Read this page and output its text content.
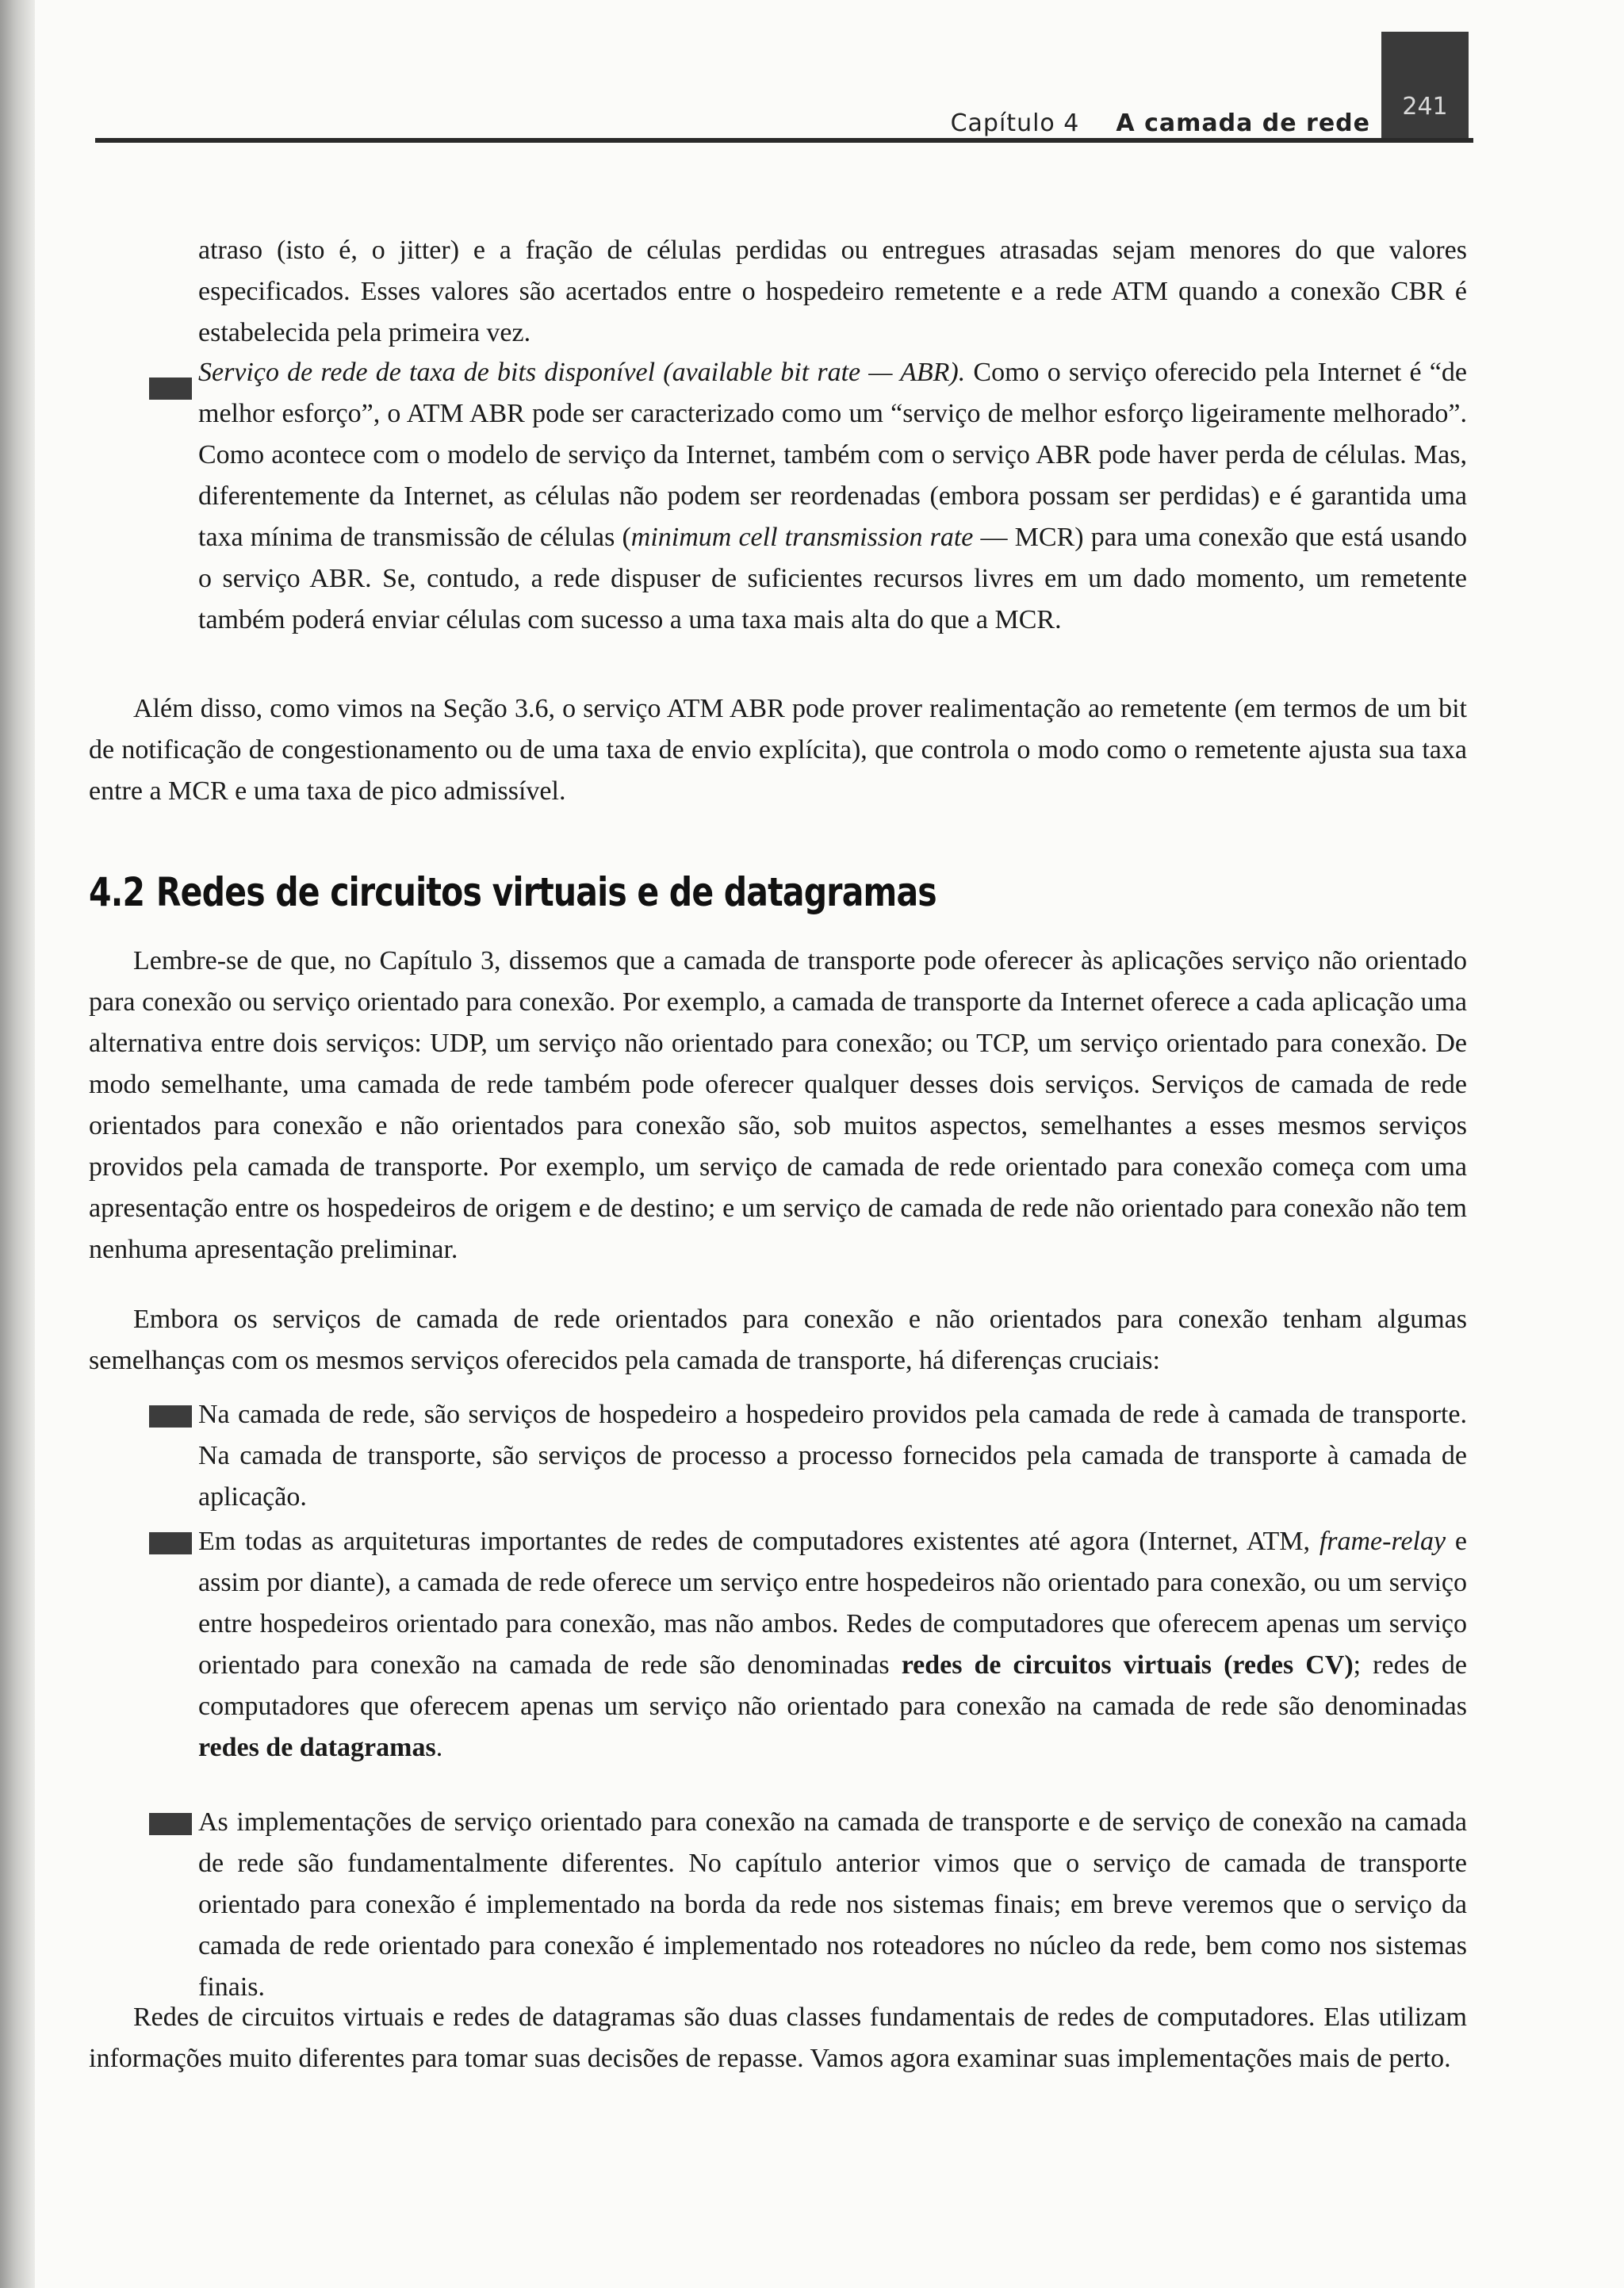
241
Capítulo 4 A camada de rede

atraso (isto é, o jitter) e a fração de células perdidas ou entregues atrasadas sejam menores do que valores especificados. Esses valores são acertados entre o hospedeiro remetente e a rede ATM quando a conexão CBR é estabelecida pela primeira vez.

Serviço de rede de taxa de bits disponível (available bit rate — ABR). Como o serviço oferecido pela Internet é “de melhor esforço”, o ATM ABR pode ser caracterizado como um “serviço de melhor esforço ligeiramente melhorado”. Como acontece com o modelo de serviço da Internet, também com o serviço ABR pode haver perda de células. Mas, diferentemente da Internet, as células não podem ser reordenadas (embora possam ser perdidas) e é garantida uma taxa mínima de transmissão de células (minimum cell transmission rate — MCR) para uma conexão que está usando o serviço ABR. Se, contudo, a rede dispuser de suficientes recursos livres em um dado momento, um remetente também poderá enviar células com sucesso a uma taxa mais alta do que a MCR.

Além disso, como vimos na Seção 3.6, o serviço ATM ABR pode prover realimentação ao remetente (em termos de um bit de notificação de congestionamento ou de uma taxa de envio explícita), que controla o modo como o remetente ajusta sua taxa entre a MCR e uma taxa de pico admissível.

4.2 Redes de circuitos virtuais e de datagramas

Lembre-se de que, no Capítulo 3, dissemos que a camada de transporte pode oferecer às aplicações serviço não orientado para conexão ou serviço orientado para conexão. Por exemplo, a camada de transporte da Internet oferece a cada aplicação uma alternativa entre dois serviços: UDP, um serviço não orientado para conexão; ou TCP, um serviço orientado para conexão. De modo semelhante, uma camada de rede também pode oferecer qualquer desses dois serviços. Serviços de camada de rede orientados para conexão e não orientados para conexão são, sob muitos aspectos, semelhantes a esses mesmos serviços providos pela camada de transporte. Por exemplo, um serviço de camada de rede orientado para conexão começa com uma apresentação entre os hospedeiros de origem e de destino; e um serviço de camada de rede não orientado para conexão não tem nenhuma apresentação preliminar.

Embora os serviços de camada de rede orientados para conexão e não orientados para conexão tenham algumas semelhanças com os mesmos serviços oferecidos pela camada de transporte, há diferenças cruciais:

Na camada de rede, são serviços de hospedeiro a hospedeiro providos pela camada de rede à camada de transporte. Na camada de transporte, são serviços de processo a processo fornecidos pela camada de transporte à camada de aplicação.

Em todas as arquiteturas importantes de redes de computadores existentes até agora (Internet, ATM, frame-relay e assim por diante), a camada de rede oferece um serviço entre hospedeiros não orientado para conexão, ou um serviço entre hospedeiros orientado para conexão, mas não ambos. Redes de computadores que oferecem apenas um serviço orientado para conexão na camada de rede são denominadas redes de circuitos virtuais (redes CV); redes de computadores que oferecem apenas um serviço não orientado para conexão na camada de rede são denominadas redes de datagramas.

As implementações de serviço orientado para conexão na camada de transporte e de serviço de conexão na camada de rede são fundamentalmente diferentes. No capítulo anterior vimos que o serviço de camada de transporte orientado para conexão é implementado na borda da rede nos sistemas finais; em breve veremos que o serviço da camada de rede orientado para conexão é implementado nos roteadores no núcleo da rede, bem como nos sistemas finais.

Redes de circuitos virtuais e redes de datagramas são duas classes fundamentais de redes de computadores. Elas utilizam informações muito diferentes para tomar suas decisões de repasse. Vamos agora examinar suas implementações mais de perto.
